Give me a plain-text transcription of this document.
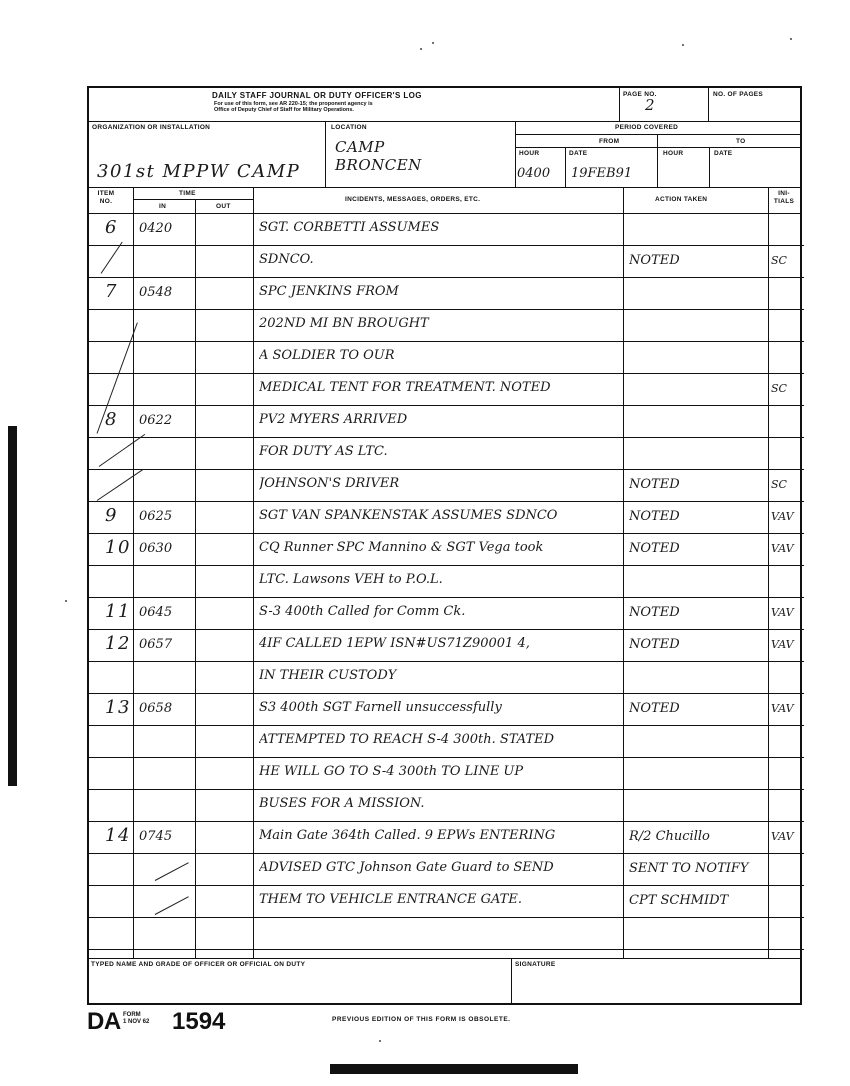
DAILY STAFF JOURNAL OR DUTY OFFICER'S LOG
For use of this form, see AR 220-15; the proponent agency is
Office of Deputy Chief of Staff for Military Operations.
PAGE NO.
2
NO. OF PAGES
ORGANIZATION OR INSTALLATION
301st MPPW CAMP
LOCATION
CAMP
BRONCEN
PERIOD COVERED
FROM	TO
HOUR	DATE	HOUR	DATE
0400 19FEB91
ITEM NO.
TIME
IN	OUT
INCIDENTS, MESSAGES, ORDERS, ETC.	ACTION TAKEN
INI-TIALS
6	0420	SGT. CORBETTI ASSUMES
SDNCO.	NOTED	SC
7	0548	SPC JENKINS FROM
202ND MI BN BROUGHT
A SOLDIER TO OUR
MEDICAL TENT FOR TREATMENT. NOTED	SC
8	0622	PV2 MYERS ARRIVED
FOR DUTY AS LTC.
JOHNSON'S DRIVER	NOTED	SC
9	0625	SGT VAN SPANKENSTAK ASSUMES SDNCO	NOTED	VAV
10 0630	CQ Runner SPC Mannino & SGT Vega took	NOTED	VAV
LTC. Lawsons VEH to P.O.L.
11 0645	S-3 400th Called for Comm Ck.	NOTED	VAV
12 0657	4IF CALLED 1EPW ISN#US71Z90001 4,	NOTED	VAV
IN THEIR CUSTODY
13 0658	S3 400th SGT Farnell unsuccessfully	NOTED	VAV
ATTEMPTED TO REACH S-4 300th. STATED
HE WILL GO TO S-4 300th TO LINE UP
BUSES FOR A MISSION.
14 0745	Main Gate 364th Called. 9 EPWs ENTERING	R/2 Chucillo	VAV
ADVISED GTC Johnson Gate Guard to SEND	SENT TO NOTIFY
THEM TO VEHICLE ENTRANCE GATE.	CPT SCHMIDT
TYPED NAME AND GRADE OF OFFICER OR OFFICIAL ON DUTY	SIGNATURE
DA FORM
1 NOV 62 1594	PREVIOUS EDITION OF THIS FORM IS OBSOLETE.
